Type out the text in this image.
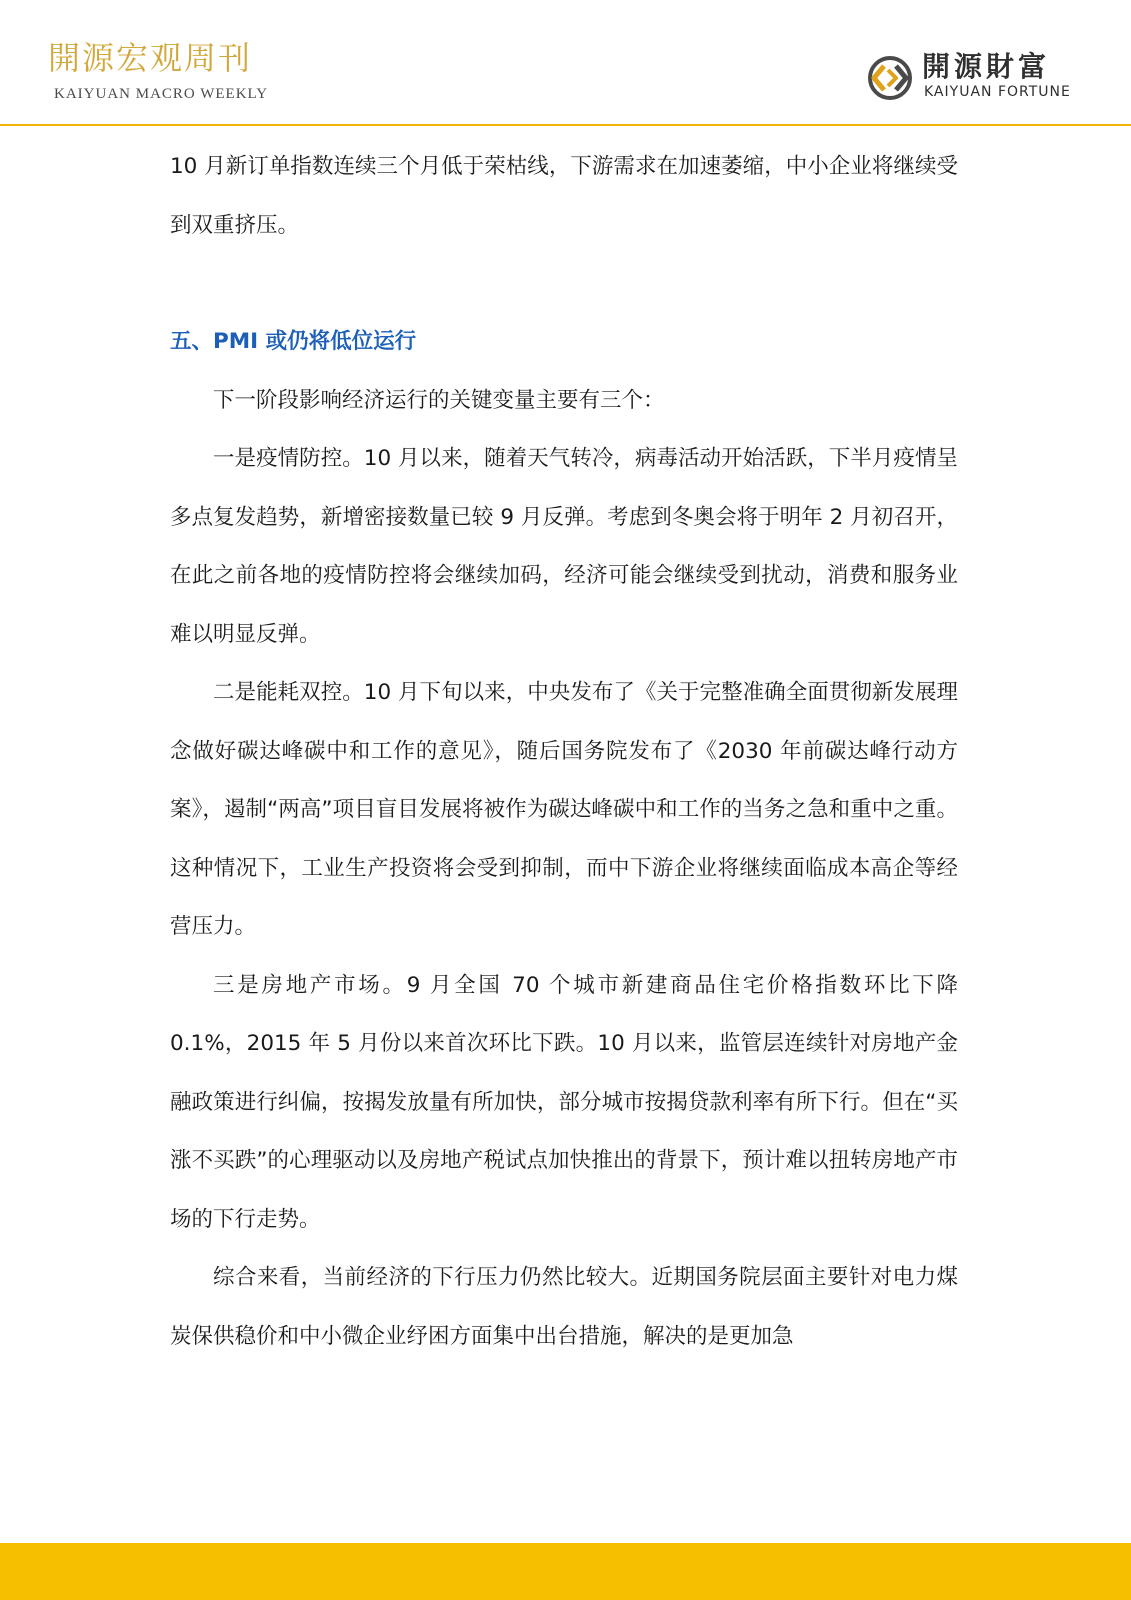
開源宏观周刊
KAIYUAN MACRO WEEKLY
開源財富
KAIYUAN FORTUNE

10 月新订单指数连续三个月低于荣枯线，下游需求在加速萎缩，中小企业将继续受到双重挤压。

五、PMI 或仍将低位运行

下一阶段影响经济运行的关键变量主要有三个：

一是疫情防控。10 月以来，随着天气转冷，病毒活动开始活跃，下半月疫情呈多点复发趋势，新增密接数量已较 9 月反弹。考虑到冬奥会将于明年 2 月初召开，在此之前各地的疫情防控将会继续加码，经济可能会继续受到扰动，消费和服务业难以明显反弹。

二是能耗双控。10 月下旬以来，中央发布了《关于完整准确全面贯彻新发展理念做好碳达峰碳中和工作的意见》，随后国务院发布了《2030 年前碳达峰行动方案》，遏制“两高”项目盲目发展将被作为碳达峰碳中和工作的当务之急和重中之重。这种情况下，工业生产投资将会受到抑制，而中下游企业将继续面临成本高企等经营压力。

三是房地产市场。9 月全国 70 个城市新建商品住宅价格指数环比下降 0.1%，2015 年 5 月份以来首次环比下跌。10 月以来，监管层连续针对房地产金融政策进行纠偏，按揭发放量有所加快，部分城市按揭贷款利率有所下行。但在“买涨不买跌”的心理驱动以及房地产税试点加快推出的背景下，预计难以扭转房地产市场的下行走势。

综合来看，当前经济的下行压力仍然比较大。近期国务院层面主要针对电力煤炭保供稳价和中小微企业纾困方面集中出台措施，解决的是更加急
